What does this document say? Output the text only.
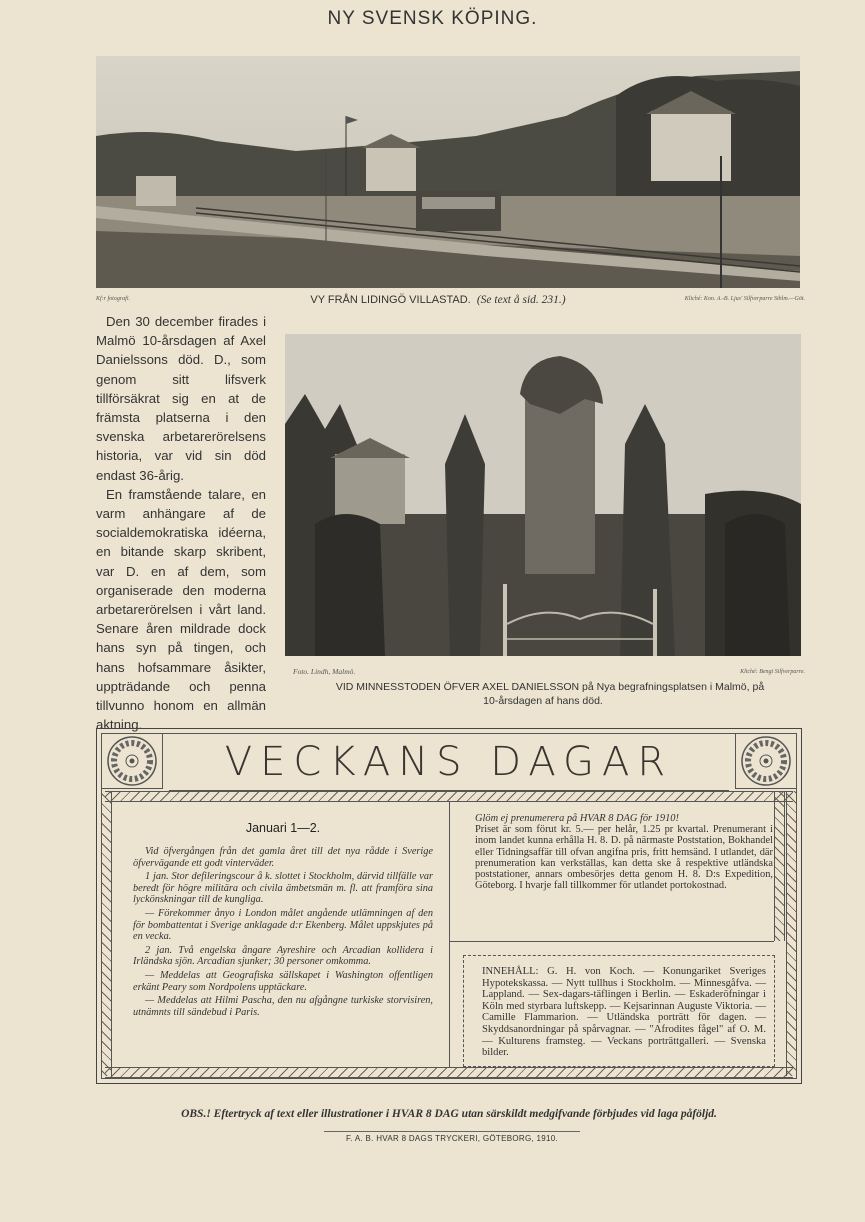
NY SVENSK KÖPING.
Kf:r fotografi.	VY FRÅN LIDINGÖ VILLASTAD. (Se text å sid. 231.)	Kliché: Kon. A.-B. Ljus' Silfverparre Sthlm.—Göt.

Den 30 december firades i Malmö 10-årsdagen af Axel Danielssons död. D., som genom sitt lifsverk tillförsäkrat sig en at de främsta platserna i den svenska arbetarerörelsens historia, var vid sin död endast 36-årig.

En framstående talare, en varm anhängare af de socialdemokratiska idéerna, en bitande skarp skribent, var D. en af dem, som organiserade den moderna arbetarerörelsen i vårt land. Senare åren mildrade dock hans syn på tingen, och hans hofsammare åsikter, uppträdande och penna tillvunno honom en allmän aktning.

Foto. Lindh, Malmö.	Kliché: Bengt Silfverparre.
VID MINNESSTODEN ÖFVER AXEL DANIELSSON på Nya begrafningsplatsen i Malmö, på
10-årsdagen af hans död.
VECKANS DAGAR
Januari 1—2.

Vid öfvergången från det gamla året till det nya rådde i Sverige öfvervägande ett godt vinterväder.

1 jan. Stor defileringscour å k. slottet i Stockholm, därvid tillfälle var beredt för högre militära och civila ämbetsmän m. fl. att framföra sina lyckönskningar till de kungliga.

— Förekommer ånyo i London målet angående utlämningen af den för bombattentat i Sverige anklagade d:r Ekenberg. Målet uppskjutes på en vecka.

2 jan. Två engelska ångare Ayreshire och Arcadian kollidera i Irländska sjön. Arcadian sjunker; 30 personer omkomma.

— Meddelas att Geografiska sällskapet i Washington offentligen erkänt Peary som Nordpolens upptäckare.

— Meddelas att Hilmi Pascha, den nu afgångne turkiske storvisiren, utnämnts till sändebud i Paris.

Glöm ej prenumerera på HVAR 8 DAG för 1910!

Priset är som förut kr. 5.— per helår, 1.25 pr kvartal. Prenumerant i inom landet kunna erhålla H. 8. D. på närmaste Poststation, Bokhandel eller Tidningsaffär till ofvan angifna pris, fritt hemsänd. I utlandet, där prenumeration kan verkställas, kan detta ske å respektive utländska poststationer, annars ombesörjes detta genom H. 8. D:s Expedition, Göteborg. I hvarje fall tillkommer för utlandet portokostnad.

INNEHÅLL: G. H. von Koch. — Konungariket Sveriges Hypotekskassa. — Nytt tullhus i Stockholm. — Minnesgåfva. — Lappland. — Sex-dagars-täflingen i Berlin. — Eskaderöfningar i Köln med styrbara luftskepp. — Kejsarinnan Auguste Viktoria. — Camille Flammarion. — Utländska porträtt för dagen. — Skyddsanordningar på spårvagnar. — "Afrodites fågel" af O. M. — Kulturens framsteg. — Veckans porträttgalleri. — Svenska bilder.
OBS.! Eftertryck af text eller illustrationer i HVAR 8 DAG utan särskildt medgifvande förbjudes vid laga påföljd.
F. A. B. HVAR 8 DAGS TRYCKERI, GÖTEBORG, 1910.
